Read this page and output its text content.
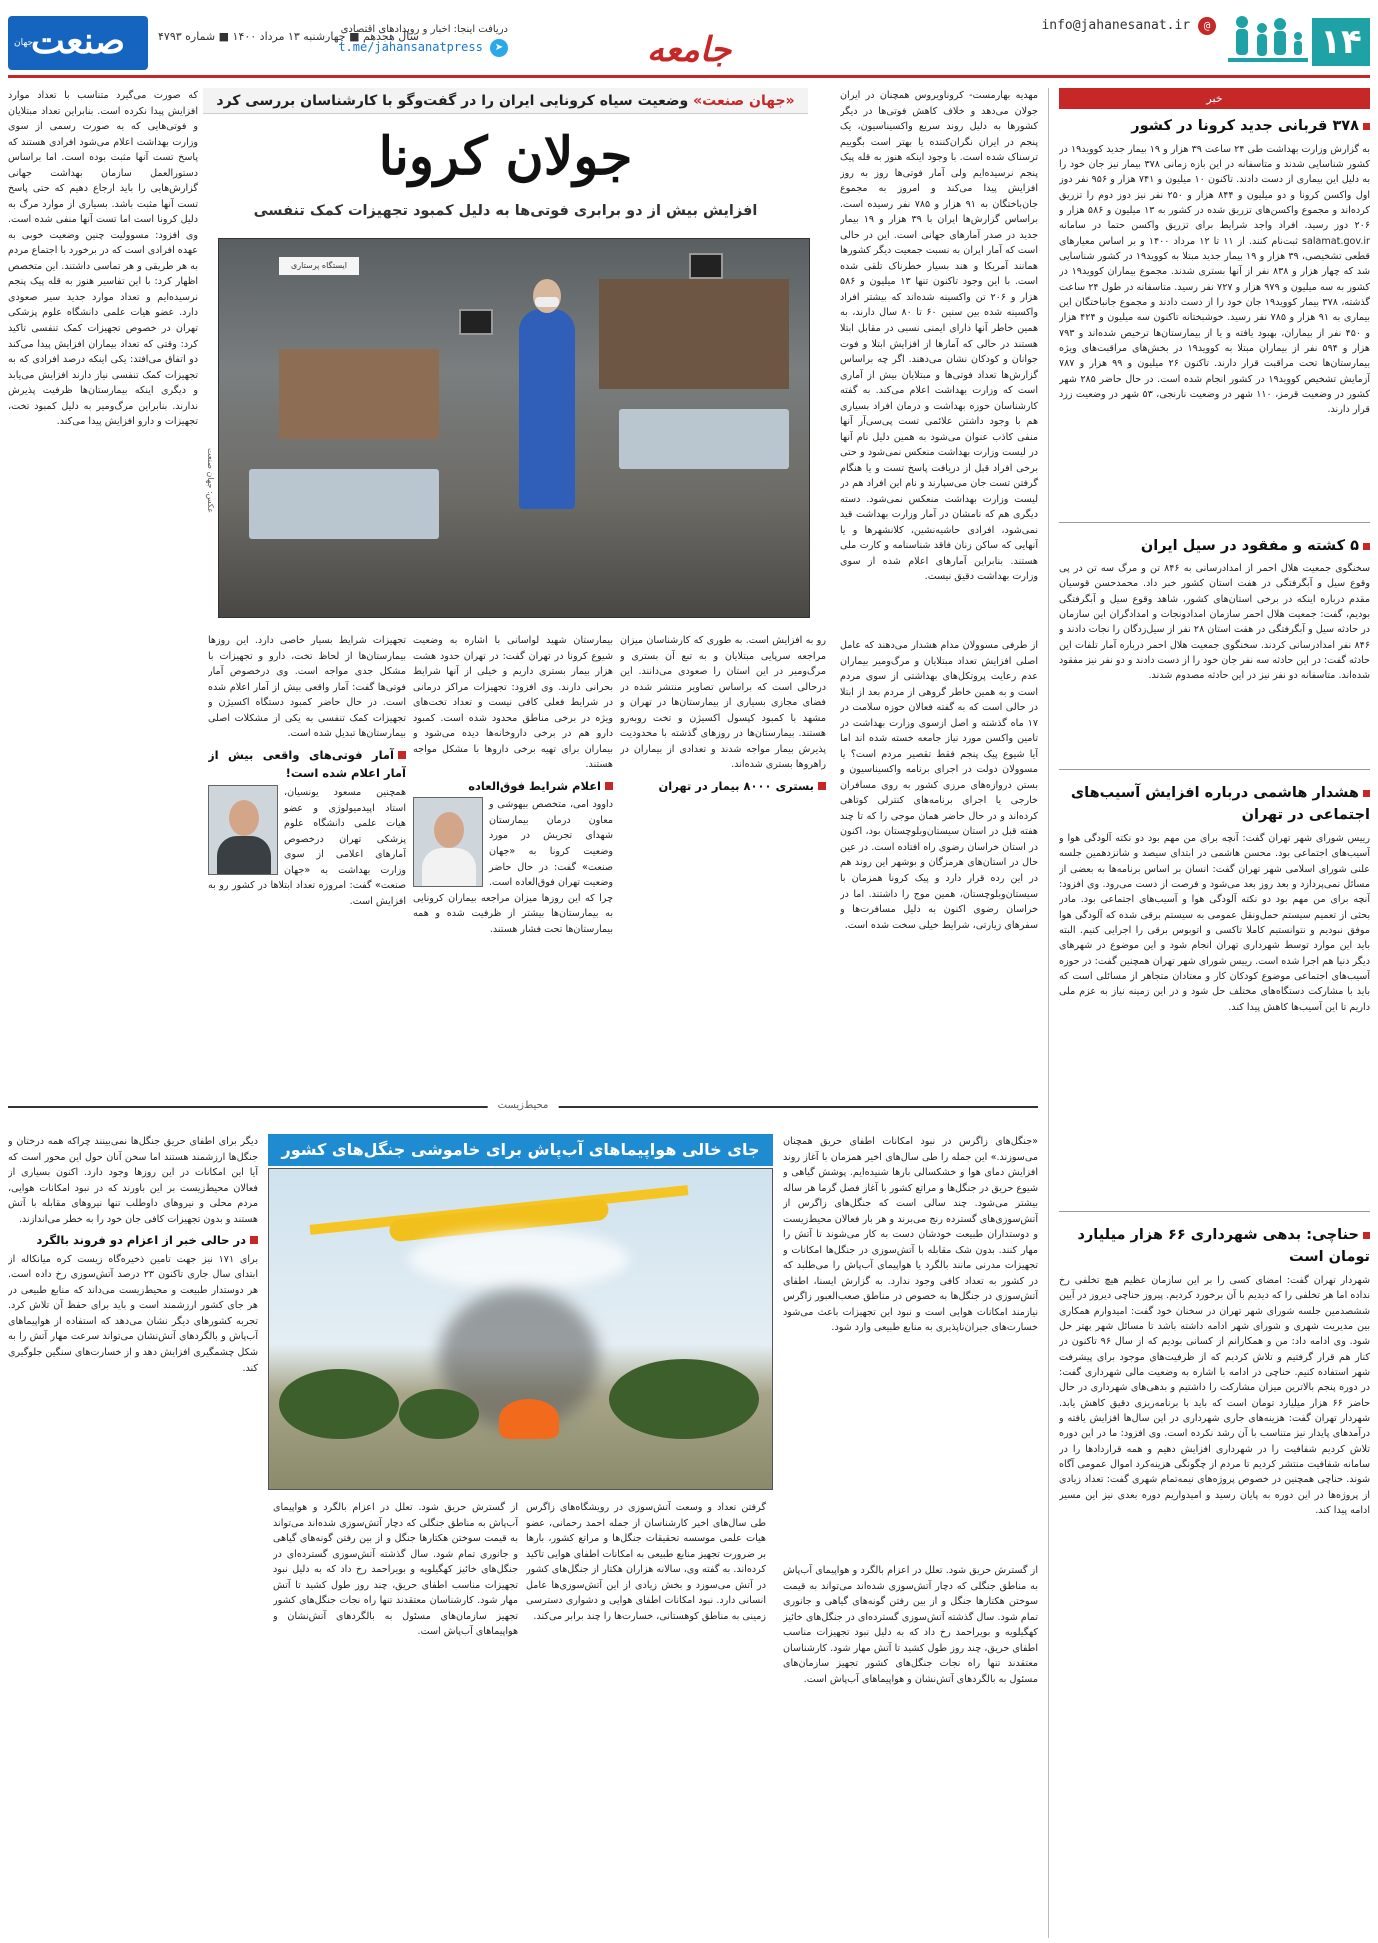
۱۴
info@jahanesanat.ir @
جامعه
دریافت اینجا: اخبار و رویدادهای اقتصادی
➤ t.me/jahansanatpress
سال هجدهم ■ چهارشنبه ۱۳ مرداد ۱۴۰۰ ■ شماره ۴۷۹۳
صنعت
جهان
خبر
۳۷۸ قربانی جدید کرونا در کشور

به گزارش وزارت بهداشت طی ۲۴ ساعت ۳۹ هزار و ۱۹ بیمار جدید کووید۱۹ در کشور شناسایی شدند و متاسفانه در این بازه زمانی ۳۷۸ بیمار نیز جان خود را به دلیل این بیماری از دست دادند. تاکنون ۱۰ میلیون و ۷۴۱ هزار و ۹۵۶ نفر دوز اول واکسن کرونا و دو میلیون و ۸۴۴ هزار و ۲۵۰ نفر نیز دوز دوم را تزریق کرده‌اند و مجموع واکسن‌های تزریق شده در کشور به ۱۳ میلیون و ۵۸۶ هزار و ۲۰۶ دوز رسید. افراد واجد شرایط برای تزریق واکسن حتما در سامانه salamat.gov.ir ثبت‌نام کنند. از ۱۱ تا ۱۲ مرداد ۱۴۰۰ و بر اساس معیارهای قطعی تشخیصی، ۳۹ هزار و ۱۹ بیمار جدید مبتلا به کووید۱۹ در کشور شناسایی شد که چهار هزار و ۸۳۸ نفر از آنها بستری شدند. مجموع بیماران کووید۱۹ در کشور به سه میلیون و ۹۷۹ هزار و ۷۲۷ نفر رسید. متاسفانه در طول ۲۴ ساعت گذشته، ۳۷۸ بیمار کووید۱۹ جان خود را از دست دادند و مجموع جانباختگان این بیماری به ۹۱ هزار و ۷۸۵ نفر رسید. خوشبختانه تاکنون سه میلیون و ۴۲۴ هزار و ۴۵۰ نفر از بیماران، بهبود یافته و یا از بیمارستان‌ها ترخیص شده‌اند و ۷۹۳ هزار و ۵۹۴ نفر از بیماران مبتلا به کووید۱۹ در بخش‌های مراقبت‌های ویژه بیمارستان‌ها تحت مراقبت قرار دارند. تاکنون ۲۶ میلیون و ۹۹ هزار و ۷۸۷ آزمایش تشخیص کووید۱۹ در کشور انجام شده است. در حال حاضر ۲۸۵ شهر کشور در وضعیت قرمز، ۱۱۰ شهر در وضعیت نارنجی، ۵۳ شهر در وضعیت زرد قرار دارند.

۵ کشته و مفقود در سیل ایران

سخنگوی جمعیت هلال احمر از امدادرسانی به ۸۴۶ تن و مرگ سه تن در پی وقوع سیل و آبگرفتگی در هفت استان کشور خبر داد. محمدحسن قوسیان مقدم درباره اینکه در برخی استان‌های کشور، شاهد وقوع سیل و آبگرفتگی بودیم، گفت: جمعیت هلال احمر سازمان امدادونجات و امدادگران این سازمان در حادثه سیل و آبگرفتگی در هفت استان ۲۸ نفر از سیل‌زدگان را نجات دادند و ۸۴۶ نفر امدادرسانی کردند. سخنگوی جمعیت هلال احمر درباره آمار تلفات این حادثه گفت: در این حادثه سه نفر جان خود را از دست دادند و دو نفر نیز مفقود شده‌اند. متاسفانه دو نفر نیز در این حادثه مصدوم شدند.

هشدار هاشمی درباره افزایش آسیب‌های اجتماعی در تهران

رییس شورای شهر تهران گفت: آنچه برای من مهم بود دو نکته آلودگی هوا و آسیب‌های اجتماعی بود. محسن هاشمی در ابتدای سیصد و شانزدهمین جلسه علنی شورای اسلامی شهر تهران گفت: انسان بر اساس برنامه‌ها به بعضی از مسائل نمی‌پردازد و بعد روز بعد می‌شود و فرصت از دست می‌رود. وی افزود: آنچه برای من مهم بود دو نکته آلودگی هوا و آسیب‌های اجتماعی بود. مادر بحثی از تعمیم سیستم حمل‌ونقل عمومی به سیستم برقی شده که آلودگی هوا موفق نبودیم و نتوانستیم کاملا تاکسی و اتوبوس برقی را اجرایی کنیم. البته باید این موارد توسط شهرداری تهران انجام شود و این موضوع در شهرهای دیگر دنیا هم اجرا شده است. رییس شورای شهر تهران همچنین گفت: در حوزه آسیب‌های اجتماعی موضوع کودکان کار و معتادان متجاهر از مسائلی است که باید با مشارکت دستگاه‌های مختلف حل شود و در این زمینه نیاز به عزم ملی داریم تا این آسیب‌ها کاهش پیدا کند.

حناچی: بدهی شهرداری ۶۶ هزار میلیارد تومان است

شهردار تهران گفت: امضای کسی را بر این سازمان عظیم هیچ تخلفی رخ نداده اما هر تخلفی را که دیدیم با آن برخورد کردیم. پیروز حناچی دیروز در آیین ششصدمین جلسه شورای شهر تهران در سخنان خود گفت: امیدوارم همکاری بین مدیریت شهری و شورای شهر ادامه داشته باشد تا مسائل شهر بهتر حل شود. وی ادامه داد: من و همکارانم از کسانی بودیم که از سال ۹۶ تاکنون در کنار هم قرار گرفتیم و تلاش کردیم که از ظرفیت‌های موجود برای پیشرفت شهر استفاده کنیم. حناچی در ادامه با اشاره به وضعیت مالی شهرداری گفت: در دوره پنجم بالاترین میزان مشارکت را داشتیم و بدهی‌های شهرداری در حال حاضر ۶۶ هزار میلیارد تومان است که باید با برنامه‌ریزی دقیق کاهش یابد. شهردار تهران گفت: هزینه‌های جاری شهرداری در این سال‌ها افزایش یافته و درآمدهای پایدار نیز متناسب با آن رشد نکرده است. وی افزود: ما در این دوره تلاش کردیم شفافیت را در شهرداری افزایش دهیم و همه قراردادها را در سامانه شفافیت منتشر کردیم تا مردم از چگونگی هزینه‌کرد اموال عمومی آگاه شوند. حناچی همچنین در خصوص پروژه‌های نیمه‌تمام شهری گفت: تعداد زیادی از پروژه‌ها در این دوره به پایان رسید و امیدواریم دوره بعدی نیز این مسیر ادامه پیدا کند.

«جهان صنعت» وضعیت سیاه کرونایی ایران را در گفت‌وگو با کارشناسان بررسی کرد
جولان کرونا
افزایش بیش از دو برابری فوتی‌ها به دلیل کمبود تجهیزات کمک تنفسی
مهدیه بهارمست- کروناویروس همچنان در ایران جولان می‌دهد و خلاف کاهش فوتی‌ها در دیگر کشورها به دلیل روند سریع واکسیناسیون، یک پنجم در ایران نگران‌کننده یا بهتر است بگوییم ترسناک شده است. با وجود اینکه هنوز به قله پیک پنجم نرسیده‌ایم ولی آمار فوتی‌ها روز به روز افزایش پیدا می‌کند و امروز به مجموع جان‌باختگان به ۹۱ هزار و ۷۸۵ نفر رسیده است. براساس گزارش‌ها ایران با ۳۹ هزار و ۱۹ بیمار جدید در صدر آمارهای جهانی است. این در حالی است که آمار ایران به نسبت جمعیت دیگر کشورها همانند آمریکا و هند بسیار خطرناک تلقی شده است. با این وجود تاکنون تنها ۱۳ میلیون و ۵۸۶ هزار و ۲۰۶ تن واکسینه شده‌اند که بیشتر افراد واکسینه شده بین سنین ۶۰ تا ۸۰ سال دارند، به همین خاطر آنها دارای ایمنی نسبی در مقابل ابتلا هستند در حالی که آمارها از افزایش ابتلا و فوت جوانان و کودکان نشان می‌دهند. اگر چه براساس گزارش‌ها تعداد فوتی‌ها و مبتلایان بیش از آماری است که وزارت بهداشت اعلام می‌کند. به گفته کارشناسان حوزه بهداشت و درمان افراد بسیاری هم با وجود داشتن علائمی تست پی‌سی‌آر آنها منفی کاذب عنوان می‌شود به همین دلیل نام آنها در لیست وزارت بهداشت منعکس نمی‌شود و حتی برخی افراد قبل از دریافت پاسخ تست و یا هنگام گرفتن تست جان می‌سپارند و نام این افراد هم در لیست وزارت بهداشت منعکس نمی‌شود. دسته دیگری هم که نامشان در آمار وزارت بهداشت قید نمی‌شود، افرادی حاشیه‌نشین، کلانشهرها و یا آنهایی که ساکن زنان فاقد شناسنامه و کارت ملی هستند. بنابراین آمارهای اعلام شده از سوی وزارت بهداشت دقیق نیست.
ایستگاه پرستاری
عکس: جهان صنعت
که صورت می‌گیرد متناسب با تعداد موارد افزایش پیدا نکرده است. بنابراین تعداد مبتلایان و فوتی‌هایی که به صورت رسمی از سوی وزارت بهداشت اعلام می‌شود افرادی هستند که پاسخ تست آنها مثبت بوده است. اما براساس دستورالعمل سازمان بهداشت جهانی گزارش‌هایی را باید ارجاع دهیم که حتی پاسخ تست آنها مثبت باشد. بسیاری از موارد مرگ به دلیل کرونا است اما تست آنها منفی شده است. وی افزود: مسوولیت چنین وضعیت خوبی به عهده افرادی است که در برخورد با اجتماع مردم به هر طریقی و هر تماسی داشتند. این متخصص اظهار کرد: با این تفاسیر هنوز به قله پیک پنجم نرسیده‌ایم و تعداد موارد جدید سیر صعودی دارد. عضو هیات علمی دانشگاه علوم پزشکی تهران در خصوص تجهیزات کمک تنفسی تاکید کرد: وقتی که تعداد بیماران افزایش پیدا می‌کند دو اتفاق می‌افتد: یکی اینکه درصد افرادی که به تجهیزات کمک تنفسی نیاز دارند افزایش می‌یابد و دیگری اینکه بیمارستان‌ها ظرفیت پذیرش ندارند. بنابراین مرگ‌ومیر به دلیل کمبود تخت، تجهیزات و دارو افزایش پیدا می‌کند.
از طرفی مسوولان مدام هشدار می‌دهند که عامل اصلی افزایش تعداد مبتلایان و مرگ‌ومیر بیماران عدم رعایت پروتکل‌های بهداشتی از سوی مردم است و به همین خاطر گروهی از مردم بعد از ابتلا در حالی است که به گفته فعالان حوزه سلامت در ۱۷ ماه گذشته و اصل ازسوی وزارت بهداشت در تامین واکسن مورد نیاز جامعه خسته شده اند اما آیا شیوع پیک پنجم فقط تقصیر مردم است؟ یا مسوولان دولت در اجرای برنامه واکسیناسیون و بستن دروازه‌های مرزی کشور به روی مسافران خارجی یا اجرای برنامه‌های کنترلی کوتاهی کرده‌اند و در حال حاضر همان موجی را که تا چند هفته قبل در استان سیستان‌وبلوچستان بود، اکنون در استان خراسان رضوی راه افتاده است. در عین حال در استان‌های هرمزگان و بوشهر این روند هم در این رده قرار دارد و پیک کرونا همزمان با سیستان‌وبلوچستان، همین موج را داشتند. اما در خراسان رضوی اکنون به دلیل مسافرت‌ها و سفرهای زیارتی، شرایط خیلی سخت شده است.
رو به افزایش است. به طوری که کارشناسان میزان مراجعه سرپایی مبتلایان و به تبع آن بستری و مرگ‌ومیر در این استان را صعودی می‌دانند. این درحالی است که براساس تصاویر منتشر شده در فضای مجازی بسیاری از بیمارستان‌ها در تهران و مشهد با کمبود کپسول اکسیژن و تخت روبه‌رو هستند. بیمارستان‌ها در روزهای گذشته با محدودیت پذیرش بیمار مواجه شدند و تعدادی از بیماران در راهروها بستری شده‌اند.
بستری ۸۰۰۰ بیمار در تهران
بیمارستان شهید لواسانی با اشاره به وضعیت شیوع کرونا در تهران گفت: در تهران حدود هشت هزار بیمار بستری داریم و خیلی از آنها شرایط بحرانی دارند. وی افزود: تجهیزات مراکز درمانی در شرایط فعلی کافی نیست و تعداد تخت‌های ویژه در برخی مناطق محدود شده است. کمبود دارو هم در برخی داروخانه‌ها دیده می‌شود و بیماران برای تهیه برخی داروها با مشکل مواجه هستند.
اعلام شرایط فوق‌العاده
داوود امی، متخصص بیهوشی و معاون درمان بیمارستان شهدای تجریش در مورد وضعیت کرونا به «جهان صنعت» گفت: در حال حاضر وضعیت تهران فوق‌العاده است. چرا که این روزها میزان مراجعه بیماران کرونایی به بیمارستان‌ها بیشتر از ظرفیت شده و همه بیمارستان‌ها تحت فشار هستند.
تجهیزات شرایط بسیار خاصی دارد. این روزها بیمارستان‌ها از لحاظ تخت، دارو و تجهیزات با مشکل جدی مواجه است. وی درخصوص آمار فوتی‌ها گفت: آمار واقعی بیش از آمار اعلام شده است. در حال حاضر کمبود دستگاه اکسیژن و تجهیزات کمک تنفسی به یکی از مشکلات اصلی بیمارستان‌ها تبدیل شده است.
آمار فوتی‌های واقعی بیش از آمار اعلام شده است!
همچنین مسعود یونسیان، استاد اپیدمیولوژی و عضو هیات علمی دانشگاه علوم پزشکی تهران درخصوص آمارهای اعلامی از سوی وزارت بهداشت به «جهان صنعت» گفت: امروزه تعداد ابتلاها در کشور رو به افزایش است.
محیط‌زیست
جای خالی هواپیماهای آب‌پاش برای خاموشی جنگل‌های کشور	«جنگل‌های زاگرس در نبود امکانات اطفای حریق همچنان می‌سوزند.» این جمله را طی سال‌های اخیر همزمان با آغاز روند افزایش دمای هوا و خشکسالی بارها شنیده‌ایم. پوشش گیاهی و شیوع حریق در جنگل‌ها و مراتع کشور با آغاز فصل گرما هر ساله بیشتر می‌شود. چند سالی است که جنگل‌های زاگرس از آتش‌سوزی‌های گسترده رنج می‌برند و هر بار فعالان محیط‌زیست و دوستداران طبیعت خودشان دست به کار می‌شوند تا آتش را مهار کنند. بدون شک مقابله با آتش‌سوزی در جنگل‌ها امکانات و تجهیزات مدرنی مانند بالگرد یا هواپیمای آب‌پاش را می‌طلبد که در کشور به تعداد کافی وجود ندارد. به گزارش ایسنا، اطفای آتش‌سوزی در جنگل‌ها به خصوص در مناطق صعب‌العبور زاگرس نیازمند امکانات هوایی است و نبود این تجهیزات باعث می‌شود خسارت‌های جبران‌ناپذیری به منابع طبیعی وارد شود.
از گسترش حریق شود. تعلل در اعزام بالگرد و هواپیمای آب‌پاش به مناطق جنگلی که دچار آتش‌سوزی شده‌اند می‌تواند به قیمت سوختن هکتارها جنگل و از بین رفتن گونه‌های گیاهی و جانوری تمام شود. سال گذشته آتش‌سوزی گسترده‌ای در جنگل‌های خائیز کهگیلویه و بویراحمد رخ داد که به دلیل نبود تجهیزات مناسب اطفای حریق، چند روز طول کشید تا آتش مهار شود. کارشناسان معتقدند تنها راه نجات جنگل‌های کشور تجهیز سازمان‌های مسئول به بالگردهای آتش‌نشان و هواپیماهای آب‌پاش است.
گرفتن تعداد و وسعت آتش‌سوزی در رویشگاه‌های زاگرس طی سال‌های اخیر کارشناسان از جمله احمد رحمانی، عضو هیات علمی موسسه تحقیقات جنگل‌ها و مراتع کشور، بارها بر ضرورت تجهیز منابع طبیعی به امکانات اطفای هوایی تاکید کرده‌اند. به گفته وی، سالانه هزاران هکتار از جنگل‌های کشور در آتش می‌سوزد و بخش زیادی از این آتش‌سوزی‌ها عامل انسانی دارد. نبود امکانات اطفای هوایی و دشواری دسترسی زمینی به مناطق کوهستانی، خسارت‌ها را چند برابر می‌کند.
از گسترش حریق شود. تعلل در اعزام بالگرد و هواپیمای آب‌پاش به مناطق جنگلی که دچار آتش‌سوزی شده‌اند می‌تواند به قیمت سوختن هکتارها جنگل و از بین رفتن گونه‌های گیاهی و جانوری تمام شود. سال گذشته آتش‌سوزی گسترده‌ای در جنگل‌های خائیز کهگیلویه و بویراحمد رخ داد که به دلیل نبود تجهیزات مناسب اطفای حریق، چند روز طول کشید تا آتش مهار شود. کارشناسان معتقدند تنها راه نجات جنگل‌های کشور تجهیز سازمان‌های مسئول به بالگردهای آتش‌نشان و هواپیماهای آب‌پاش است.
دیگر برای اطفای حریق جنگل‌ها نمی‌بینند چراکه همه درختان و جنگل‌ها ارزشمند هستند اما سخن آنان حول این محور است که آیا این امکانات در این روزها وجود دارد. اکنون بسیاری از فعالان محیط‌زیست بر این باورند که در نبود امکانات هوایی، مردم محلی و نیروهای داوطلب تنها نیروهای مقابله با آتش هستند و بدون تجهیزات کافی جان خود را به خطر می‌اندازند.
در حالی خبر از اعزام دو فروند بالگرد
برای ۱۷۱ نیز جهت تامین ذخیره‌گاه زیست کره میانکاله از ابتدای سال جاری تاکنون ۲۳ درصد آتش‌سوزی رخ داده است. هر دوستدار طبیعت و محیط‌زیست می‌داند که منابع طبیعی در هر جای کشور ارزشمند است و باید برای حفظ آن تلاش کرد. تجربه کشورهای دیگر نشان می‌دهد که استفاده از هواپیماهای آب‌پاش و بالگردهای آتش‌نشان می‌تواند سرعت مهار آتش را به شکل چشمگیری افزایش دهد و از خسارت‌های سنگین جلوگیری کند.
